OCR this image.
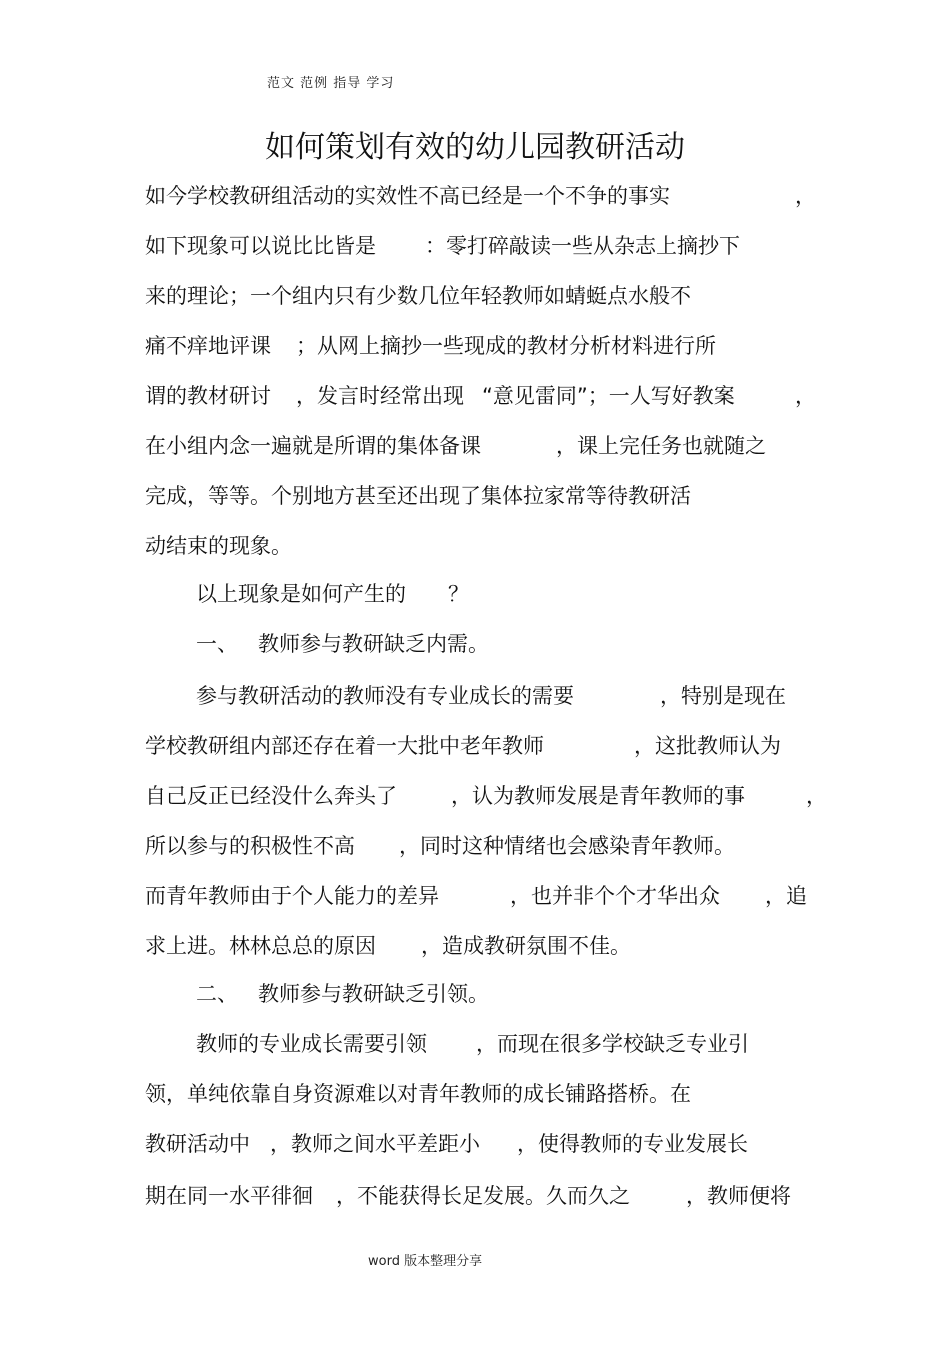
范文 范例 指导 学习
如何策划有效的幼儿园教研活动
如今学校教研组活动的实效性不高已经是一个不争的事实	，
如下现象可以说比比皆是 ：零打碎敲读一些从杂志上摘抄下
来的理论；一个组内只有少数几位年轻教师如蜻蜓点水般不
痛不痒地评课 ；从网上摘抄一些现成的教材分析材料进行所
谓的教材研讨 ，发言时经常出现 “意见雷同”；一人写好教案	，
在小组内念一遍就是所谓的集体备课	，课上完任务也就随之
完成，等等。个别地方甚至还出现了集体拉家常等待教研活
动结束的现象。
以上现象是如何产生的 ？
一、 教师参与教研缺乏内需。
参与教研活动的教师没有专业成长的需要	，特别是现在
学校教研组内部还存在着一大批中老年教师	，这批教师认为
自己反正已经没什么奔头了	，认为教师发展是青年教师的事	，
所以参与的积极性不高 ，同时这种情绪也会感染青年教师。
而青年教师由于个人能力的差异	，也并非个个才华出众 ，追
求上进。林林总总的原因 ，造成教研氛围不佳。
二、 教师参与教研缺乏引领。
教师的专业成长需要引领 ，而现在很多学校缺乏专业引
领，单纯依靠自身资源难以对青年教师的成长铺路搭桥。在
教研活动中 ，教师之间水平差距小 ，使得教师的专业发展长
期在同一水平徘徊 ，不能获得长足发展。久而久之	，教师便将
word 版本整理分享
